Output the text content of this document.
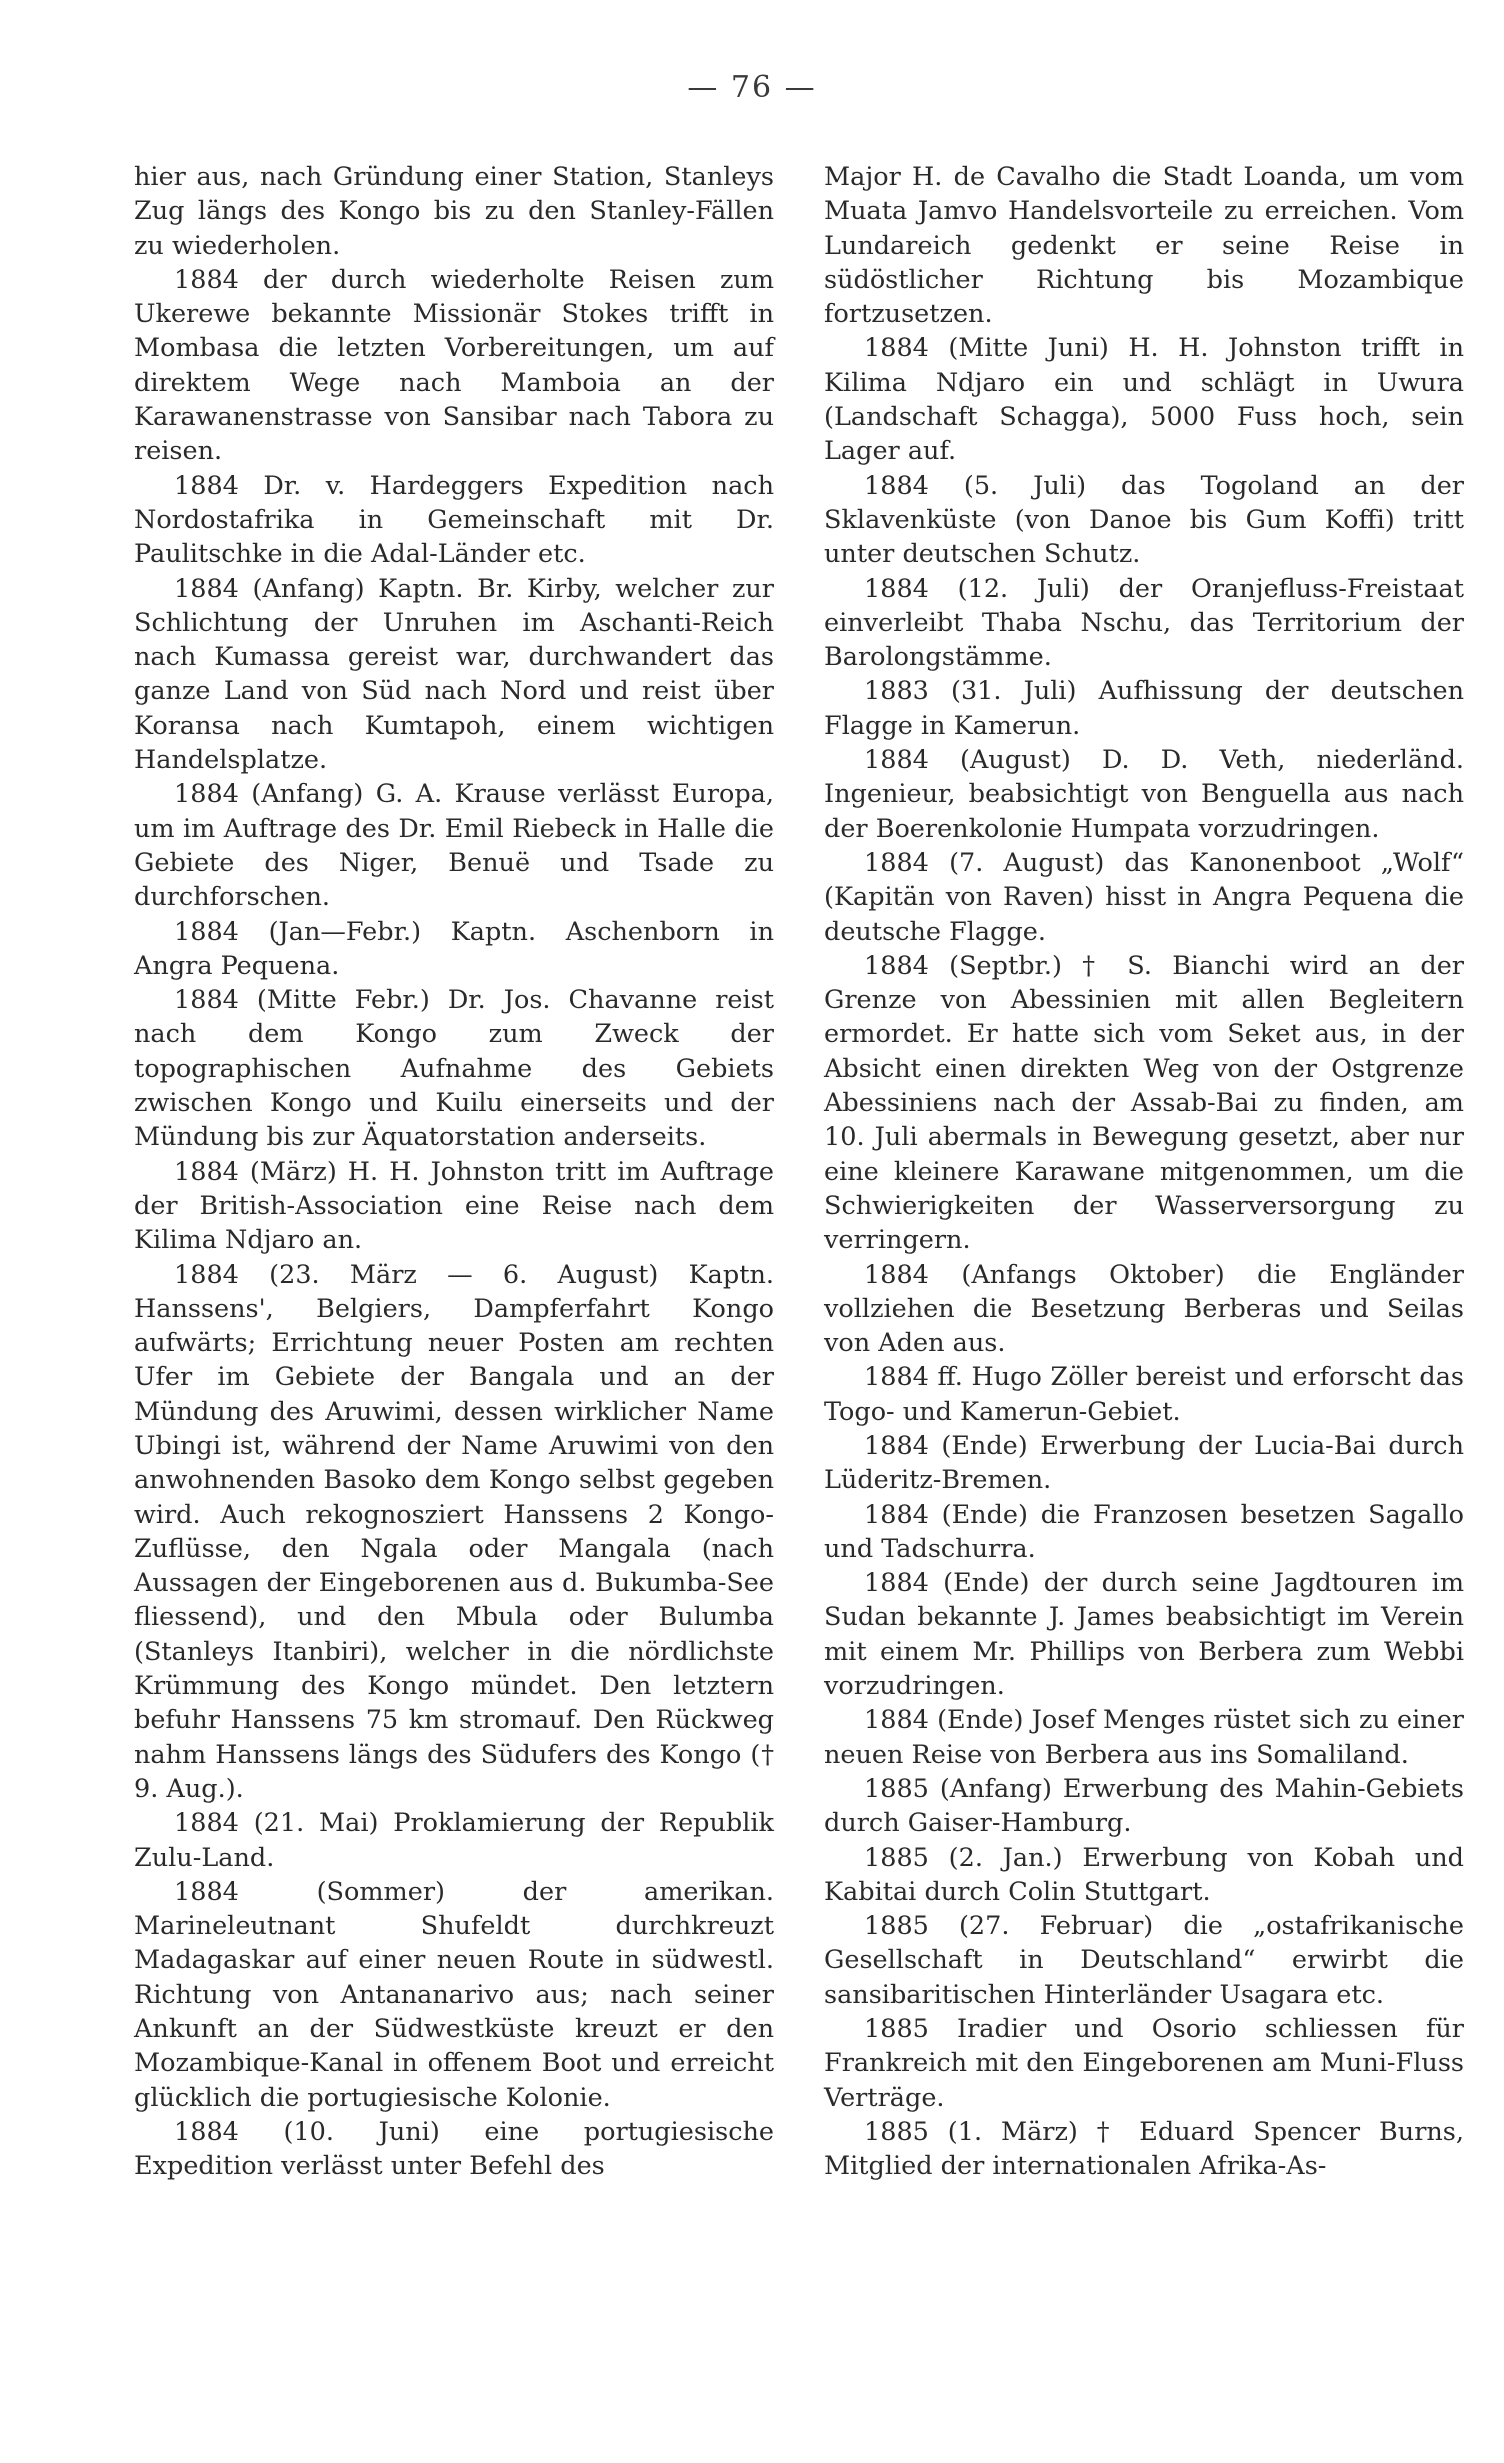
— 76 —

hier aus, nach Gründung einer Station, Stanleys Zug längs des Kongo bis zu den Stanley-Fällen zu wiederholen.

1884 der durch wiederholte Reisen zum Ukerewe bekannte Missionär Stokes trifft in Mombasa die letzten Vorbereitungen, um auf direktem Wege nach Mamboia an der Karawanenstrasse von Sansibar nach Tabora zu reisen.

1884 Dr. v. Hardeggers Expedition nach Nordostafrika in Gemeinschaft mit Dr. Paulitschke in die Adal-Länder etc.

1884 (Anfang) Kaptn. Br. Kirby, welcher zur Schlichtung der Unruhen im Aschanti-Reich nach Kumassa gereist war, durchwandert das ganze Land von Süd nach Nord und reist über Koransa nach Kumtapoh, einem wichtigen Handelsplatze.

1884 (Anfang) G. A. Krause verlässt Europa, um im Auftrage des Dr. Emil Riebeck in Halle die Gebiete des Niger, Benuë und Tsade zu durchforschen.

1884 (Jan—Febr.) Kaptn. Aschenborn in Angra Pequena.

1884 (Mitte Febr.) Dr. Jos. Chavanne reist nach dem Kongo zum Zweck der topographischen Aufnahme des Gebiets zwischen Kongo und Kuilu einerseits und der Mündung bis zur Äquatorstation anderseits.

1884 (März) H. H. Johnston tritt im Auftrage der British-Association eine Reise nach dem Kilima Ndjaro an.

1884 (23. März — 6. August) Kaptn. Hanssens', Belgiers, Dampferfahrt Kongo aufwärts; Errichtung neuer Posten am rechten Ufer im Gebiete der Bangala und an der Mündung des Aruwimi, dessen wirklicher Name Ubingi ist, während der Name Aruwimi von den anwohnenden Basoko dem Kongo selbst gegeben wird. Auch rekognosziert Hanssens 2 Kongo-Zuflüsse, den Ngala oder Mangala (nach Aussagen der Eingeborenen aus d. Bukumba-See fliessend), und den Mbula oder Bulumba (Stanleys Itanbiri), welcher in die nördlichste Krümmung des Kongo mündet. Den letztern befuhr Hanssens 75 km stromauf. Den Rückweg nahm Hanssens längs des Südufers des Kongo († 9. Aug.).

1884 (21. Mai) Proklamierung der Republik Zulu-Land.

1884 (Sommer) der amerikan. Marineleutnant Shufeldt durchkreuzt Madagaskar auf einer neuen Route in südwestl. Richtung von Antananarivo aus; nach seiner Ankunft an der Südwestküste kreuzt er den Mozambique-Kanal in offenem Boot und erreicht glücklich die portugiesische Kolonie.

1884 (10. Juni) eine portugiesische Expedition verlässt unter Befehl des

Major H. de Cavalho die Stadt Loanda, um vom Muata Jamvo Handelsvorteile zu erreichen. Vom Lundareich gedenkt er seine Reise in südöstlicher Richtung bis Mozambique fortzusetzen.

1884 (Mitte Juni) H. H. Johnston trifft in Kilima Ndjaro ein und schlägt in Uwura (Landschaft Schagga), 5000 Fuss hoch, sein Lager auf.

1884 (5. Juli) das Togoland an der Sklavenküste (von Danoe bis Gum Koffi) tritt unter deutschen Schutz.

1884 (12. Juli) der Oranjefluss-Freistaat einverleibt Thaba Nschu, das Territorium der Barolongstämme.

1883 (31. Juli) Aufhissung der deutschen Flagge in Kamerun.

1884 (August) D. D. Veth, niederländ. Ingenieur, beabsichtigt von Benguella aus nach der Boerenkolonie Humpata vorzudringen.

1884 (7. August) das Kanonenboot „Wolf“ (Kapitän von Raven) hisst in Angra Pequena die deutsche Flagge.

1884 (Septbr.) † S. Bianchi wird an der Grenze von Abessinien mit allen Begleitern ermordet. Er hatte sich vom Seket aus, in der Absicht einen direkten Weg von der Ostgrenze Abessiniens nach der Assab-Bai zu finden, am 10. Juli abermals in Bewegung gesetzt, aber nur eine kleinere Karawane mitgenommen, um die Schwierigkeiten der Wasserversorgung zu verringern.

1884 (Anfangs Oktober) die Engländer vollziehen die Besetzung Berberas und Seilas von Aden aus.

1884 ff. Hugo Zöller bereist und erforscht das Togo- und Kamerun-Gebiet.

1884 (Ende) Erwerbung der Lucia-Bai durch Lüderitz-Bremen.

1884 (Ende) die Franzosen besetzen Sagallo und Tadschurra.

1884 (Ende) der durch seine Jagdtouren im Sudan bekannte J. James beabsichtigt im Verein mit einem Mr. Phillips von Berbera zum Webbi vorzudringen.

1884 (Ende) Josef Menges rüstet sich zu einer neuen Reise von Berbera aus ins Somaliland.

1885 (Anfang) Erwerbung des Mahin-Gebiets durch Gaiser-Hamburg.

1885 (2. Jan.) Erwerbung von Kobah und Kabitai durch Colin Stuttgart.

1885 (27. Februar) die „ostafrikanische Gesellschaft in Deutschland“ erwirbt die sansibaritischen Hinterländer Usagara etc.

1885 Iradier und Osorio schliessen für Frankreich mit den Eingeborenen am Muni-Fluss Verträge.

1885 (1. März) † Eduard Spencer Burns, Mitglied der internationalen Afrika-As-
